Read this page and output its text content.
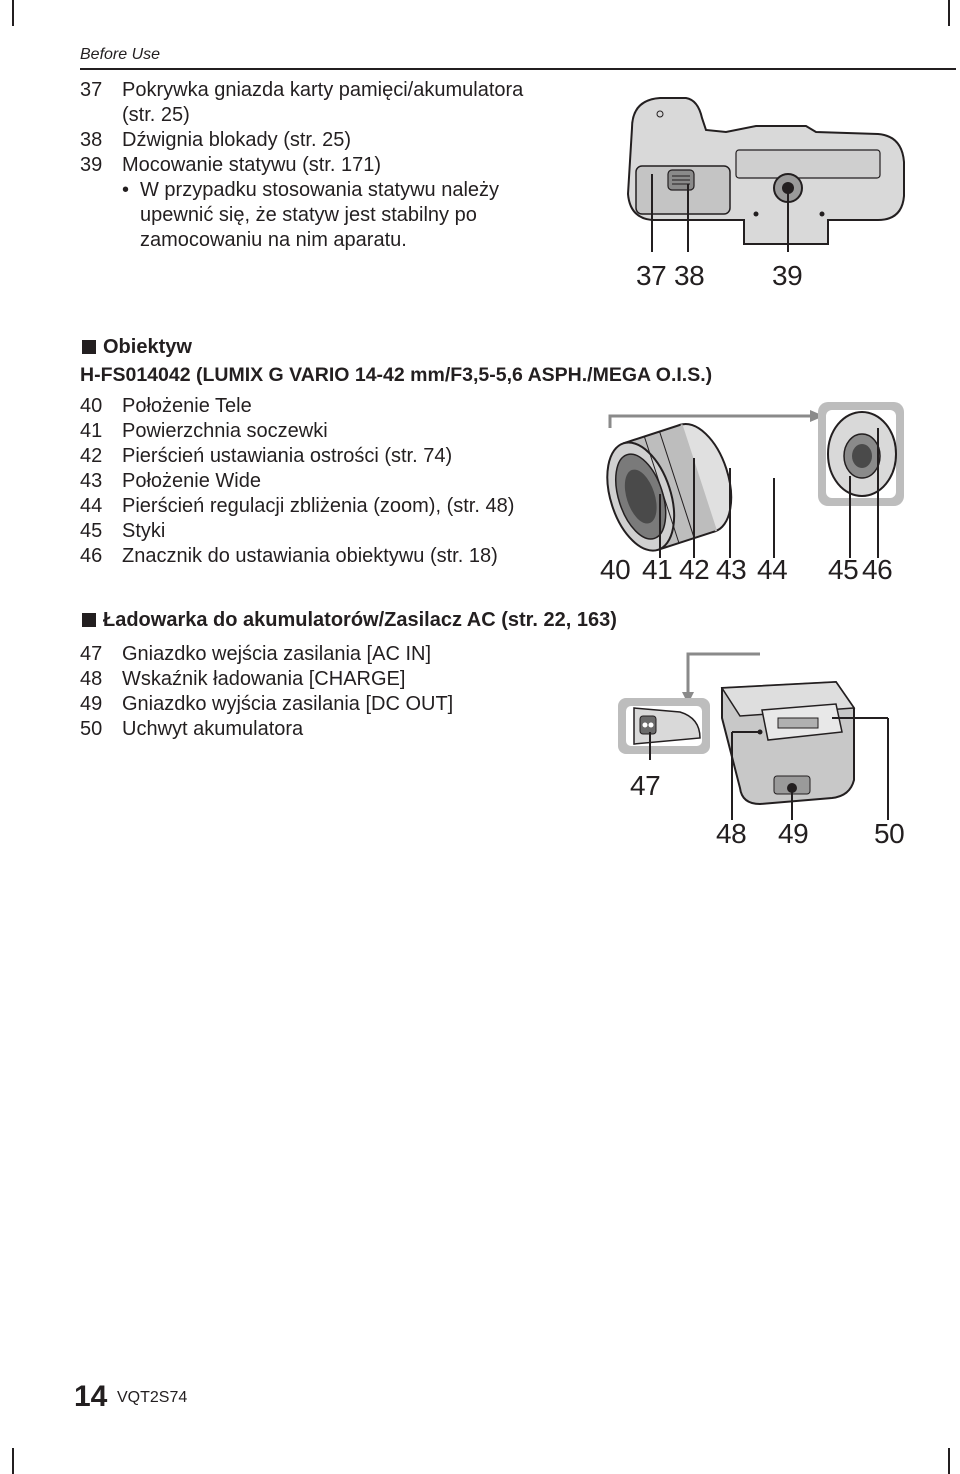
Before Use
37 Pokrywka gniazda karty pamięci/akumulatora
(str. 25)
38 Dźwignia blokady (str. 25)
39 Mocowanie statywu (str. 171)
• W przypadku stosowania statywu należy
upewnić się, że statyw jest stabilny po
zamocowaniu na nim aparatu.
37 38 39
Obiektyw
H-FS014042 (LUMIX G VARIO 14-42 mm/F3,5-5,6 ASPH./MEGA O.I.S.)
40 Położenie Tele
41 Powierzchnia soczewki
42 Pierścień ustawiania ostrości (str. 74)
43 Położenie Wide
44 Pierścień regulacji zbliżenia (zoom), (str. 48)
45 Styki
46 Znacznik do ustawiania obiektywu (str. 18)	40 41 42 43 44 45 46
Ładowarka do akumulatorów/Zasilacz AC (str. 22, 163)
47 Gniazdko wejścia zasilania [AC IN]
48 Wskaźnik ładowania [CHARGE]
49 Gniazdko wyjścia zasilania [DC OUT]
50 Uchwyt akumulatora
47
48 49 50
14 VQT2S74
